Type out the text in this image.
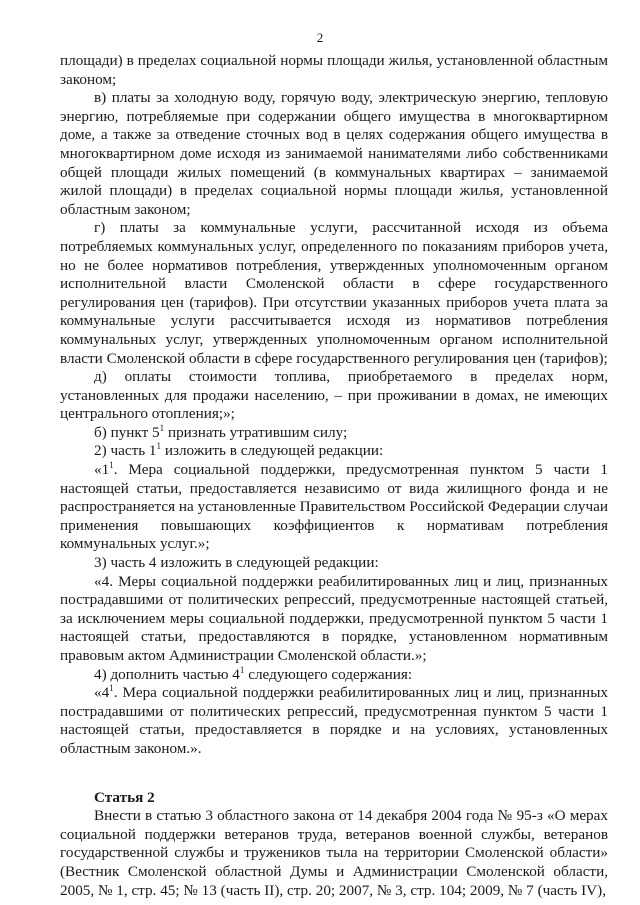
2

площади) в пределах социальной нормы площади жилья, установленной областным законом;

в) платы за холодную воду, горячую воду, электрическую энергию, тепловую энергию, потребляемые при содержании общего имущества в многоквартирном доме, а также за отведение сточных вод в целях содержания общего имущества в многоквартирном доме исходя из занимаемой нанимателями либо собственниками общей площади жилых помещений (в коммунальных квартирах – занимаемой жилой площади) в пределах социальной нормы площади жилья, установленной областным законом;

г) платы за коммунальные услуги, рассчитанной исходя из объема потребляемых коммунальных услуг, определенного по показаниям приборов учета, но не более нормативов потребления, утвержденных уполномоченным органом исполнительной власти Смоленской области в сфере государственного регулирования цен (тарифов). При отсутствии указанных приборов учета плата за коммунальные услуги рассчитывается исходя из нормативов потребления коммунальных услуг, утвержденных уполномоченным органом исполнительной власти Смоленской области в сфере государственного регулирования цен (тарифов);

д) оплаты стоимости топлива, приобретаемого в пределах норм, установленных для продажи населению, – при проживании в домах, не имеющих центрального отопления;»;

б) пункт $5^1$ признать утратившим силу;

2) часть $1^1$ изложить в следующей редакции:

«$1^1$. Мера социальной поддержки, предусмотренная пунктом 5 части 1 настоящей статьи, предоставляется независимо от вида жилищного фонда и не распространяется на установленные Правительством Российской Федерации случаи применения повышающих коэффициентов к нормативам потребления коммунальных услуг.»;

3) часть 4 изложить в следующей редакции:

«4. Меры социальной поддержки реабилитированных лиц и лиц, признанных пострадавшими от политических репрессий, предусмотренные настоящей статьей, за исключением меры социальной поддержки, предусмотренной пунктом 5 части 1 настоящей статьи, предоставляются в порядке, установленном нормативным правовым актом Администрации Смоленской области.»;

4) дополнить частью $4^1$ следующего содержания:

«$4^1$. Мера социальной поддержки реабилитированных лиц и лиц, признанных пострадавшими от политических репрессий, предусмотренная пунктом 5 части 1 настоящей статьи, предоставляется в порядке и на условиях, установленных областным законом.».

Статья 2

Внести в статью 3 областного закона от 14 декабря 2004 года № 95-з «О мерах социальной поддержки ветеранов труда, ветеранов военной службы, ветеранов государственной службы и тружеников тыла на территории Смоленской области» (Вестник Смоленской областной Думы и Администрации Смоленской области, 2005, № 1, стр. 45; № 13 (часть II), стр. 20; 2007, № 3, стр. 104; 2009, № 7 (часть IV),
